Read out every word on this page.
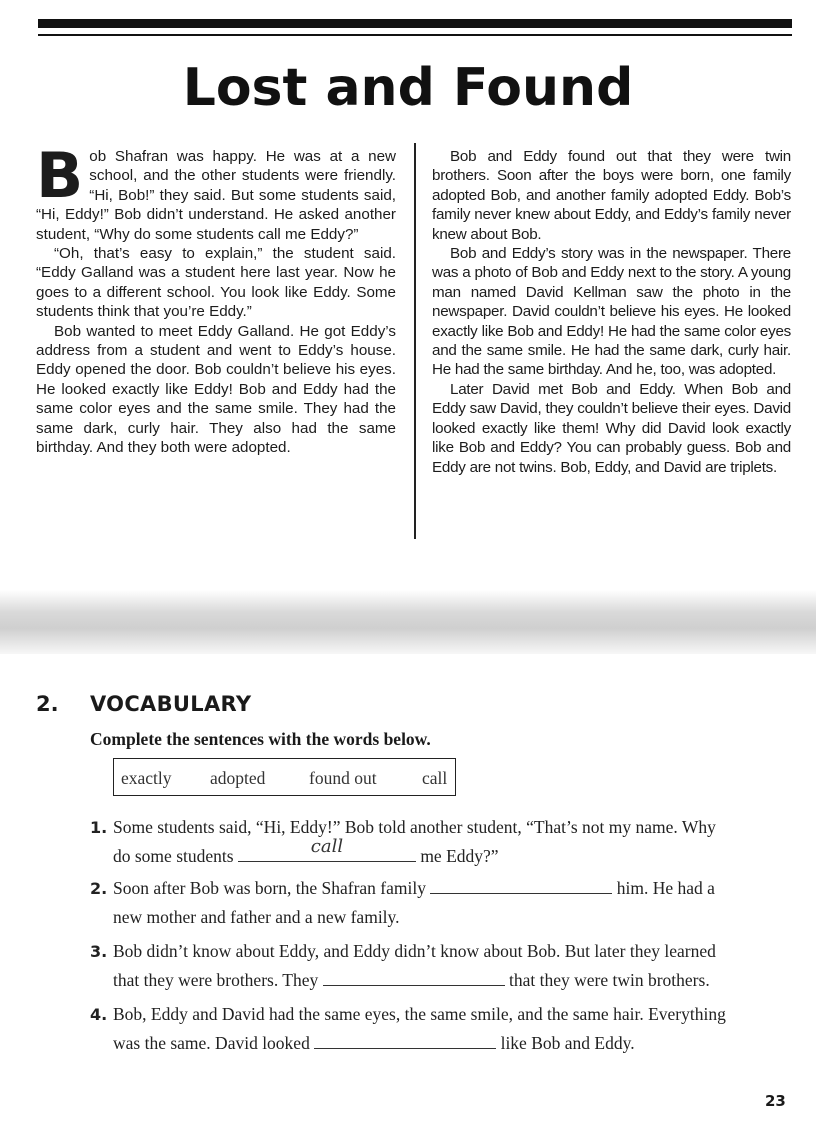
Lost and Found

Bob Shafran was happy. He was at a new school, and the other students were friendly. “Hi, Bob!” they said. But some students said, “Hi, Eddy!” Bob didn’t understand. He asked another student, “Why do some students call me Eddy?”

“Oh, that’s easy to explain,” the student said. “Eddy Galland was a student here last year. Now he goes to a different school. You look like Eddy. Some students think that you’re Eddy.”

Bob wanted to meet Eddy Galland. He got Eddy’s address from a student and went to Eddy’s house. Eddy opened the door. Bob couldn’t believe his eyes. He looked exactly like Eddy! Bob and Eddy had the same color eyes and the same smile. They had the same dark, curly hair. They also had the same birthday. And they both were adopted.

Bob and Eddy found out that they were twin brothers. Soon after the boys were born, one family adopted Bob, and another family adopted Eddy. Bob’s family never knew about Eddy, and Eddy’s family never knew about Bob.

Bob and Eddy’s story was in the newspaper. There was a photo of Bob and Eddy next to the story. A young man named David Kellman saw the photo in the newspaper. David couldn’t believe his eyes. He looked exactly like Bob and Eddy! He had the same color eyes and the same smile. He had the same dark, curly hair. He had the same birthday. And he, too, was adopted.

Later David met Bob and Eddy. When Bob and Eddy saw David, they couldn’t believe their eyes. David looked exactly like them! Why did David look exactly like Bob and Eddy? You can probably guess. Bob and Eddy are not twins. Bob, Eddy, and David are triplets.

2. VOCABULARY
Complete the sentences with the words below.
exactly adopted found out	call
1. Some students said, “Hi, Eddy!” Bob told another student, “That’s not my name. Why
do some students	call	me Eddy?”
2. Soon after Bob was born, the Shafran family	him. He had a
new mother and father and a new family.
3. Bob didn’t know about Eddy, and Eddy didn’t know about Bob. But later they learned
that they were brothers. They	that they were twin brothers.
4. Bob, Eddy and David had the same eyes, the same smile, and the same hair. Everything
was the same. David looked	like Bob and Eddy.
23
